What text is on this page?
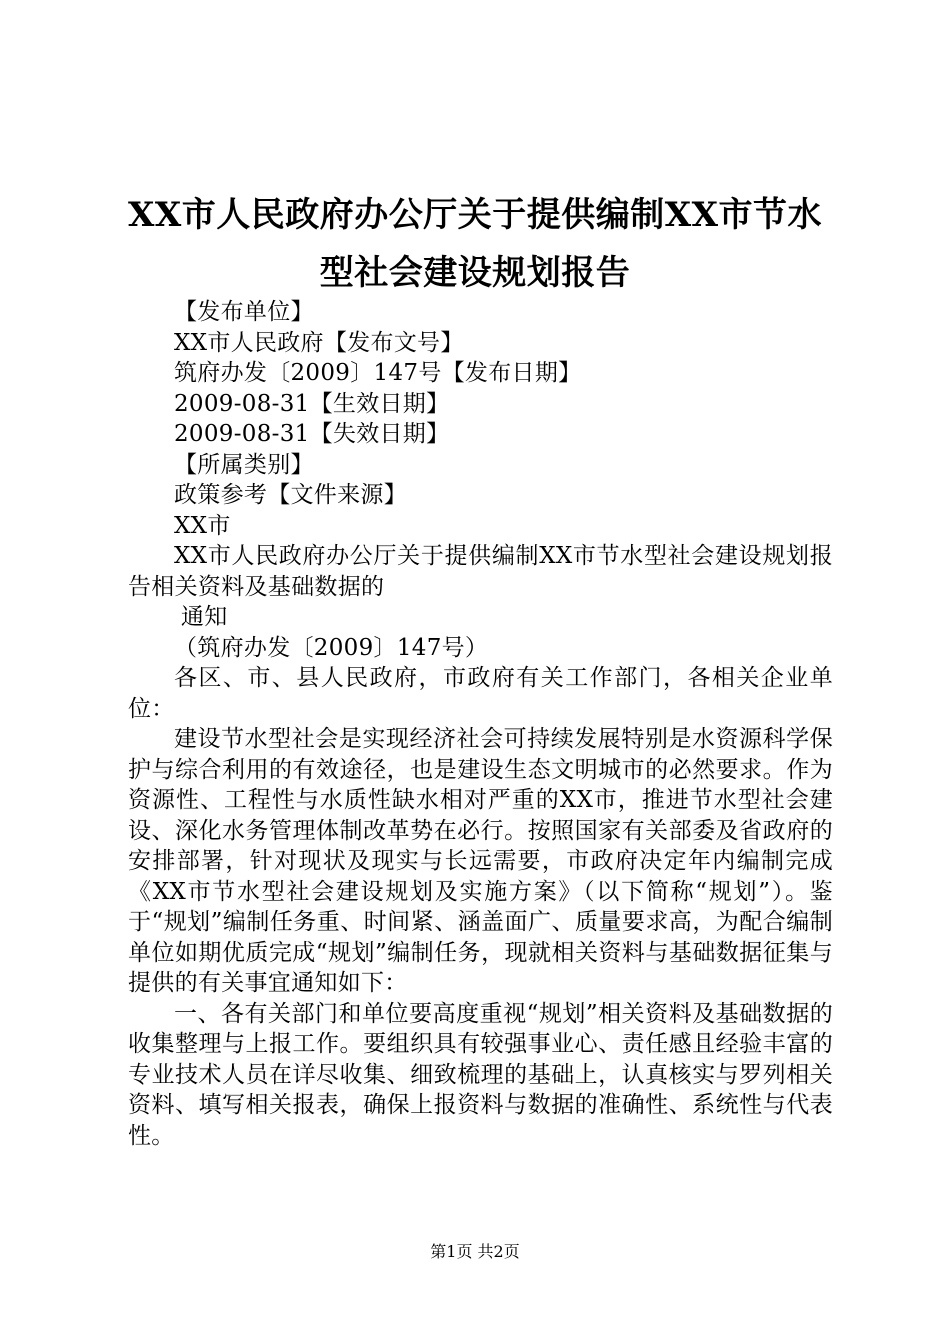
XX市人民政府办公厅关于提供编制XX市节水
型社会建设规划报告

【发布单位】

XX市人民政府【发布文号】

筑府办发〔2009〕147号【发布日期】

2009-08-31【生效日期】

2009-08-31【失效日期】

【所属类别】

政策参考【文件来源】

XX市

XX市人民政府办公厅关于提供编制XX市节水型社会建设规划报告相关资料及基础数据的

通知

（筑府办发〔2009〕147号）

各区、市、县人民政府，市政府有关工作部门，各相关企业单位：

建设节水型社会是实现经济社会可持续发展特别是水资源科学保护与综合利用的有效途径，也是建设生态文明城市的必然要求。作为资源性、工程性与水质性缺水相对严重的XX市，推进节水型社会建设、深化水务管理体制改革势在必行。按照国家有关部委及省政府的安排部署，针对现状及现实与长远需要，市政府决定年内编制完成《XX市节水型社会建设规划及实施方案》（以下简称“规划”）。鉴于“规划”编制任务重、时间紧、涵盖面广、质量要求高，为配合编制单位如期优质完成“规划”编制任务，现就相关资料与基础数据征集与提供的有关事宜通知如下：

一、各有关部门和单位要高度重视“规划”相关资料及基础数据的收集整理与上报工作。要组织具有较强事业心、责任感且经验丰富的专业技术人员在详尽收集、细致梳理的基础上，认真核实与罗列相关资料、填写相关报表，确保上报资料与数据的准确性、系统性与代表性。

第1页 共2页
